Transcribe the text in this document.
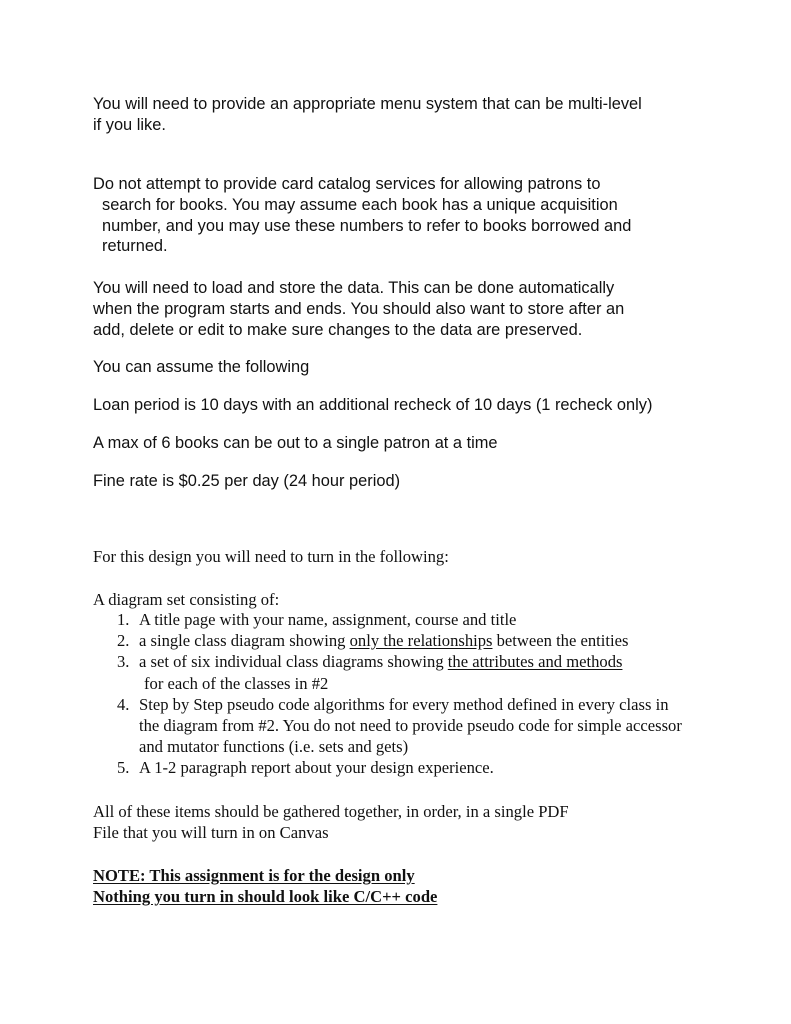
You will need to provide an appropriate menu system that can be multi-level
if you like.

Do not attempt to provide card catalog services for allowing patrons to
search for books. You may assume each book has a unique acquisition
number, and you may use these numbers to refer to books borrowed and
returned.

You will need to load and store the data. This can be done automatically
when the program starts and ends. You should also want to store after an
add, delete or edit to make sure changes to the data are preserved.

You can assume the following

Loan period is 10 days with an additional recheck of 10 days (1 recheck only)

A max of 6 books can be out to a single patron at a time

Fine rate is $0.25 per day (24 hour period)

For this design you will need to turn in the following:

A diagram set consisting of:

1. A title page with your name, assignment, course and title
2. a single class diagram showing only the relationships between the entities
3. a set of six individual class diagrams showing the attributes and methods
for each of the classes in #2
4. Step by Step pseudo code algorithms for every method defined in every class in
the diagram from #2. You do not need to provide pseudo code for simple accessor
and mutator functions (i.e. sets and gets)
5. A 1-2 paragraph report about your design experience.

All of these items should be gathered together, in order, in a single PDF
File that you will turn in on Canvas

NOTE: This assignment is for the design only
Nothing you turn in should look like C/C++ code
